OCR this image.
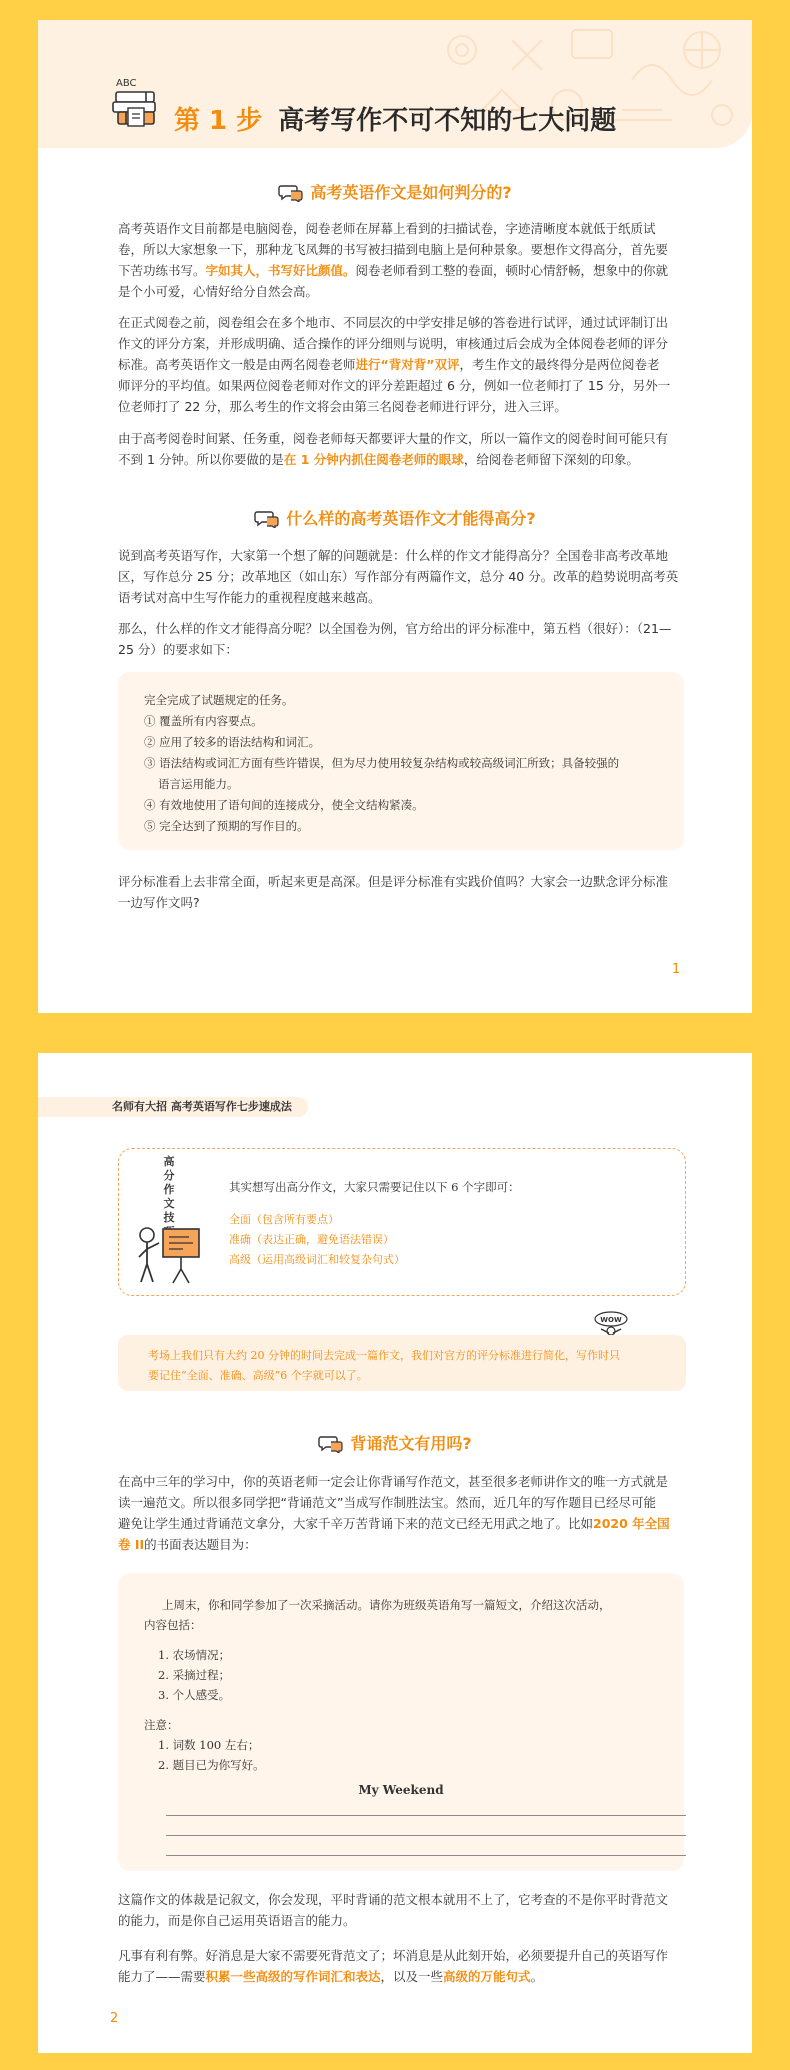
ABC
第 1 步 高考写作不可不知的七大问题
高考英语作文是如何判分的?
高考英语作文目前都是电脑阅卷，阅卷老师在屏幕上看到的扫描试卷，字迹清晰度本就低于纸质试
卷，所以大家想象一下，那种龙飞凤舞的书写被扫描到电脑上是何种景象。要想作文得高分，首先要
下苦功练书写。字如其人，书写好比颜值。阅卷老师看到工整的卷面，顿时心情舒畅，想象中的你就
是个小可爱，心情好给分自然会高。
在正式阅卷之前，阅卷组会在多个地市、不同层次的中学安排足够的答卷进行试评，通过试评制订出
作文的评分方案，并形成明确、适合操作的评分细则与说明，审核通过后会成为全体阅卷老师的评分
标准。高考英语作文一般是由两名阅卷老师进行“背对背”双评，考生作文的最终得分是两位阅卷老
师评分的平均值。如果两位阅卷老师对作文的评分差距超过 6 分，例如一位老师打了 15 分，另外一
位老师打了 22 分，那么考生的作文将会由第三名阅卷老师进行评分，进入三评。
由于高考阅卷时间紧、任务重，阅卷老师每天都要评大量的作文，所以一篇作文的阅卷时间可能只有
不到 1 分钟。所以你要做的是在 1 分钟内抓住阅卷老师的眼球，给阅卷老师留下深刻的印象。
什么样的高考英语作文才能得高分?
说到高考英语写作，大家第一个想了解的问题就是：什么样的作文才能得高分？全国卷非高考改革地
区，写作总分 25 分；改革地区（如山东）写作部分有两篇作文，总分 40 分。改革的趋势说明高考英
语考试对高中生写作能力的重视程度越来越高。
那么，什么样的作文才能得高分呢？以全国卷为例，官方给出的评分标准中，第五档（很好）：（21—
25 分）的要求如下：
完全完成了试题规定的任务。
① 覆盖所有内容要点。
② 应用了较多的语法结构和词汇。
③ 语法结构或词汇方面有些许错误，但为尽力使用较复杂结构或较高级词汇所致；具备较强的
语言运用能力。
④ 有效地使用了语句间的连接成分，使全文结构紧凑。
⑤ 完全达到了预期的写作目的。
评分标准看上去非常全面，听起来更是高深。但是评分标准有实践价值吗？大家会一边默念评分标准
一边写作文吗?
1
名师有大招 高考英语写作七步速成法
高
分
作
文
技
其实想写出高分作文，大家只需要记住以下 6 个字即可：
全面（包含所有要点）
准确（表达正确，避免语法错误）
高级（运用高级词汇和较复杂句式）
WOW
考场上我们只有大约 20 分钟的时间去完成一篇作文，我们对官方的评分标准进行简化，写作时只
要记住“全面、准确、高级”6 个字就可以了。
背诵范文有用吗?
在高中三年的学习中，你的英语老师一定会让你背诵写作范文，甚至很多老师讲作文的唯一方式就是
读一遍范文。所以很多同学把“背诵范文”当成写作制胜法宝。然而，近几年的写作题目已经尽可能
避免让学生通过背诵范文拿分，大家千辛万苦背诵下来的范文已经无用武之地了。比如2020 年全国
卷 II的书面表达题目为：
上周末，你和同学参加了一次采摘活动。请你为班级英语角写一篇短文，介绍这次活动，
内容包括：
1. 农场情况；
2. 采摘过程；
3. 个人感受。
注意：
1. 词数 100 左右；
2. 题目已为你写好。
My Weekend
这篇作文的体裁是记叙文，你会发现，平时背诵的范文根本就用不上了，它考查的不是你平时背范文
的能力，而是你自己运用英语语言的能力。
凡事有利有弊。好消息是大家不需要死背范文了；坏消息是从此刻开始，必须要提升自己的英语写作
能力了——需要积累一些高级的写作词汇和表达，以及一些高级的万能句式。
2
